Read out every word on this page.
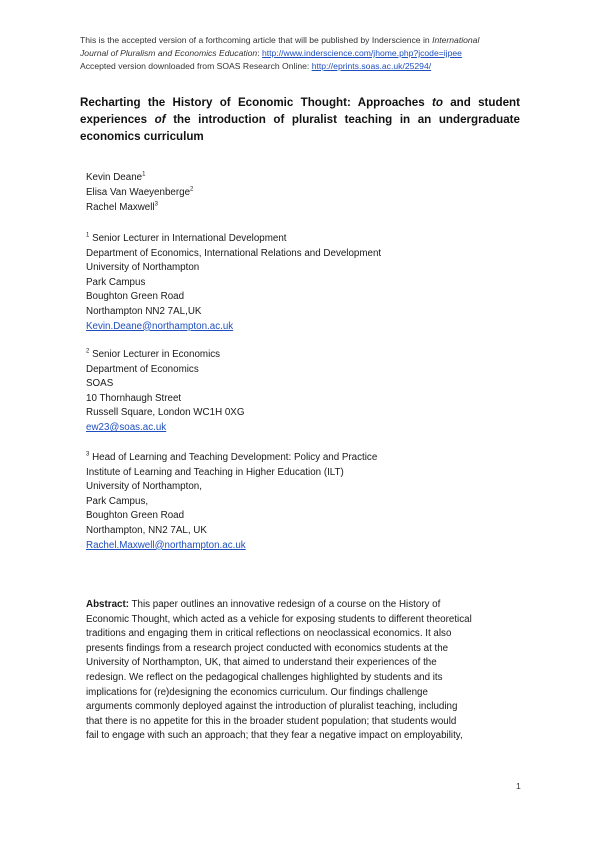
This is the accepted version of a forthcoming article that will be published by Inderscience in International
Journal of Pluralism and Economics Education: http://www.inderscience.com/jhome.php?jcode=ijpee
Accepted version downloaded from SOAS Research Online: http://eprints.soas.ac.uk/25294/
Recharting the History of Economic Thought: Approaches to and student experiences of the introduction of pluralist teaching in an undergraduate economics curriculum
Kevin Deane$^1$
Elisa Van Waeyenberge$^2$
Rachel Maxwell$^3$
$^1$ Senior Lecturer in International Development
Department of Economics, International Relations and Development
University of Northampton
Park Campus
Boughton Green Road
Northampton NN2 7AL,UK
Kevin.Deane@northampton.ac.uk
$^2$ Senior Lecturer in Economics
Department of Economics
SOAS
10 Thornhaugh Street
Russell Square, London WC1H 0XG
ew23@soas.ac.uk
$^3$ Head of Learning and Teaching Development: Policy and Practice
Institute of Learning and Teaching in Higher Education (ILT)
University of Northampton,
Park Campus,
Boughton Green Road
Northampton, NN2 7AL, UK
Rachel.Maxwell@northampton.ac.uk
Abstract: This paper outlines an innovative redesign of a course on the History of
Economic Thought, which acted as a vehicle for exposing students to different theoretical
traditions and engaging them in critical reflections on neoclassical economics. It also
presents findings from a research project conducted with economics students at the
University of Northampton, UK, that aimed to understand their experiences of the
redesign. We reflect on the pedagogical challenges highlighted by students and its
implications for (re)designing the economics curriculum. Our findings challenge
arguments commonly deployed against the introduction of pluralist teaching, including
that there is no appetite for this in the broader student population; that students would
fail to engage with such an approach; that they fear a negative impact on employability,
1
